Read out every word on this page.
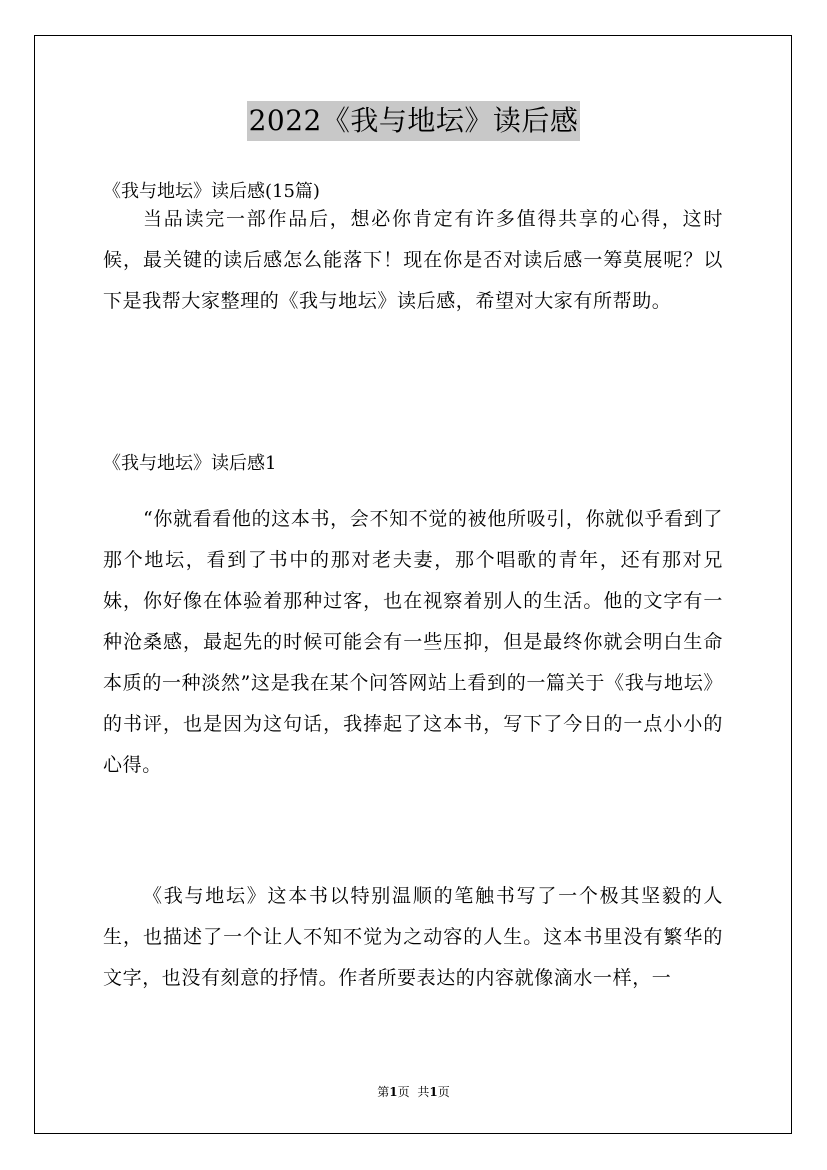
2022《我与地坛》读后感

《我与地坛》读后感(15篇)

当品读完一部作品后，想必你肯定有许多值得共享的心得，这时候，最关键的读后感怎么能落下！现在你是否对读后感一筹莫展呢？以下是我帮大家整理的《我与地坛》读后感，希望对大家有所帮助。

《我与地坛》读后感1

“你就看看他的这本书，会不知不觉的被他所吸引，你就似乎看到了那个地坛，看到了书中的那对老夫妻，那个唱歌的青年，还有那对兄妹，你好像在体验着那种过客，也在视察着别人的生活。他的文字有一种沧桑感，最起先的时候可能会有一些压抑，但是最终你就会明白生命本质的一种淡然”这是我在某个问答网站上看到的一篇关于《我与地坛》的书评，也是因为这句话，我捧起了这本书，写下了今日的一点小小的心得。

《我与地坛》这本书以特别温顺的笔触书写了一个极其坚毅的人生，也描述了一个让人不知不觉为之动容的人生。这本书里没有繁华的文字，也没有刻意的抒情。作者所要表达的内容就像滴水一样，一

第1页 共1页
